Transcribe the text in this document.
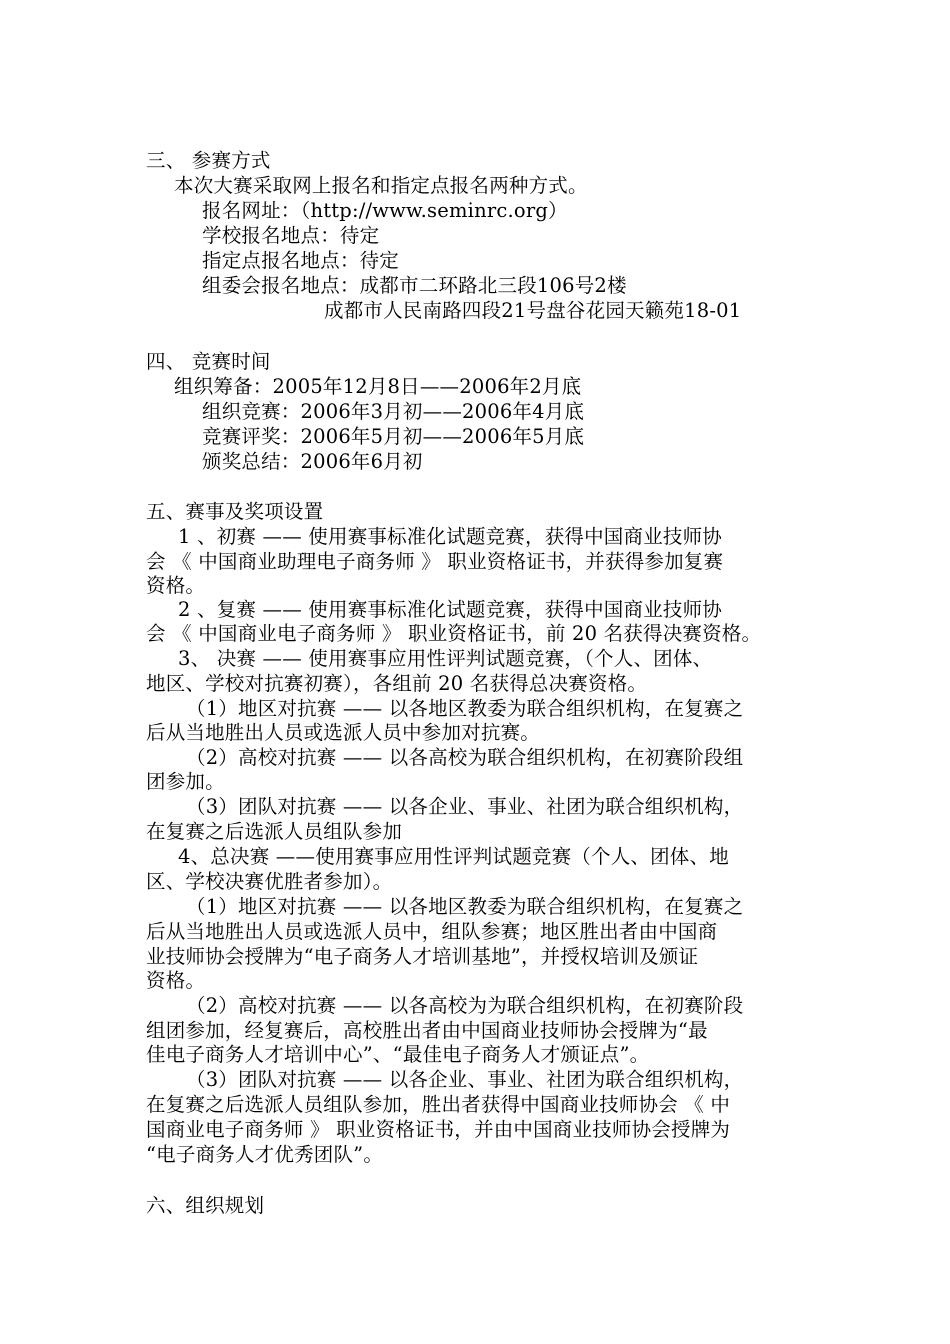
三、 参赛方式
本次大赛采取网上报名和指定点报名两种方式。
报名网址：（http://www.seminrc.org）
学校报名地点：待定
指定点报名地点：待定
组委会报名地点：成都市二环路北三段106号2楼
成都市人民南路四段21号盘谷花园天籁苑18-01
四、 竞赛时间
组织筹备：2005年12月8日——2006年2月底
组织竞赛：2006年3月初——2006年4月底
竞赛评奖：2006年5月初——2006年5月底
颁奖总结：2006年6月初
五、赛事及奖项设置
1 、初赛 —— 使用赛事标准化试题竞赛，获得中国商业技师协
会 《 中国商业助理电子商务师 》 职业资格证书，并获得参加复赛
资格。
2 、复赛 —— 使用赛事标准化试题竞赛，获得中国商业技师协
会 《 中国商业电子商务师 》 职业资格证书，前 20 名获得决赛资格。
3、 决赛 —— 使用赛事应用性评判试题竞赛，（个人、团体、
地区、学校对抗赛初赛），各组前 20 名获得总决赛资格。
（1）地区对抗赛 —— 以各地区教委为联合组织机构，在复赛之
后从当地胜出人员或选派人员中参加对抗赛。
（2）高校对抗赛 —— 以各高校为联合组织机构，在初赛阶段组
团参加。
（3）团队对抗赛 —— 以各企业、事业、社团为联合组织机构，
在复赛之后选派人员组队参加
4、总决赛 ——使用赛事应用性评判试题竞赛（个人、团体、地
区、学校决赛优胜者参加）。
（1）地区对抗赛 —— 以各地区教委为联合组织机构，在复赛之
后从当地胜出人员或选派人员中，组队参赛；地区胜出者由中国商
业技师协会授牌为“电子商务人才培训基地”，并授权培训及颁证
资格。
（2）高校对抗赛 —— 以各高校为为联合组织机构，在初赛阶段
组团参加，经复赛后，高校胜出者由中国商业技师协会授牌为“最
佳电子商务人才培训中心”、“最佳电子商务人才颁证点”。
（3）团队对抗赛 —— 以各企业、事业、社团为联合组织机构，
在复赛之后选派人员组队参加，胜出者获得中国商业技师协会 《 中
国商业电子商务师 》 职业资格证书，并由中国商业技师协会授牌为
“电子商务人才优秀团队”。
六、组织规划
